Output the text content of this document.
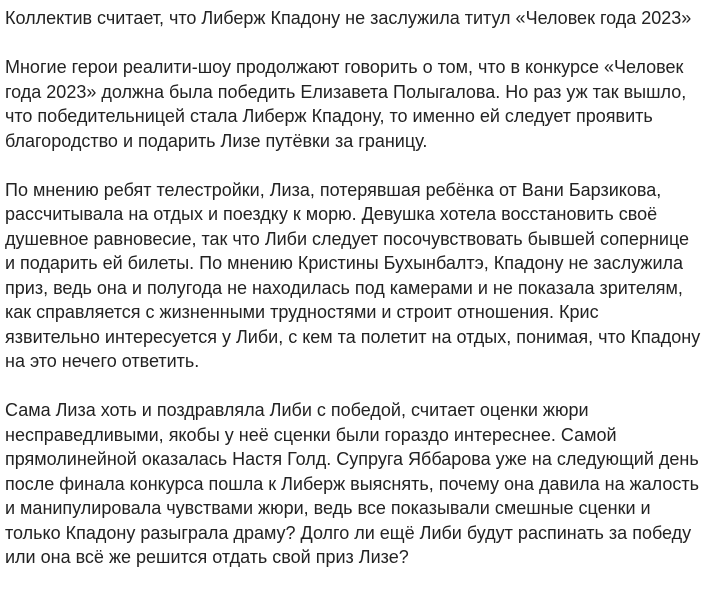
Коллектив считает, что Либерж Кпадону не заслужила титул «Человек года 2023»

Многие герои реалити-шоу продолжают говорить о том, что в конкурсе «Человек
года 2023» должна была победить Елизавета Полыгалова. Но раз уж так вышло,
что победительницей стала Либерж Кпадону, то именно ей следует проявить
благородство и подарить Лизе путёвки за границу.

По мнению ребят телестройки, Лиза, потерявшая ребёнка от Вани Барзикова,
рассчитывала на отдых и поездку к морю. Девушка хотела восстановить своё
душевное равновесие, так что Либи следует посочувствовать бывшей сопернице
и подарить ей билеты. По мнению Кристины Бухынбалтэ, Кпадону не заслужила
приз, ведь она и полугода не находилась под камерами и не показала зрителям,
как справляется с жизненными трудностями и строит отношения. Крис
язвительно интересуется у Либи, с кем та полетит на отдых, понимая, что Кпадону
на это нечего ответить.

Сама Лиза хоть и поздравляла Либи с победой, считает оценки жюри
несправедливыми, якобы у неё сценки были гораздо интереснее. Самой
прямолинейной оказалась Настя Голд. Супруга Яббарова уже на следующий день
после финала конкурса пошла к Либерж выяснять, почему она давила на жалость
и манипулировала чувствами жюри, ведь все показывали смешные сценки и
только Кпадону разыграла драму? Долго ли ещё Либи будут распинать за победу
или она всё же решится отдать свой приз Лизе?
